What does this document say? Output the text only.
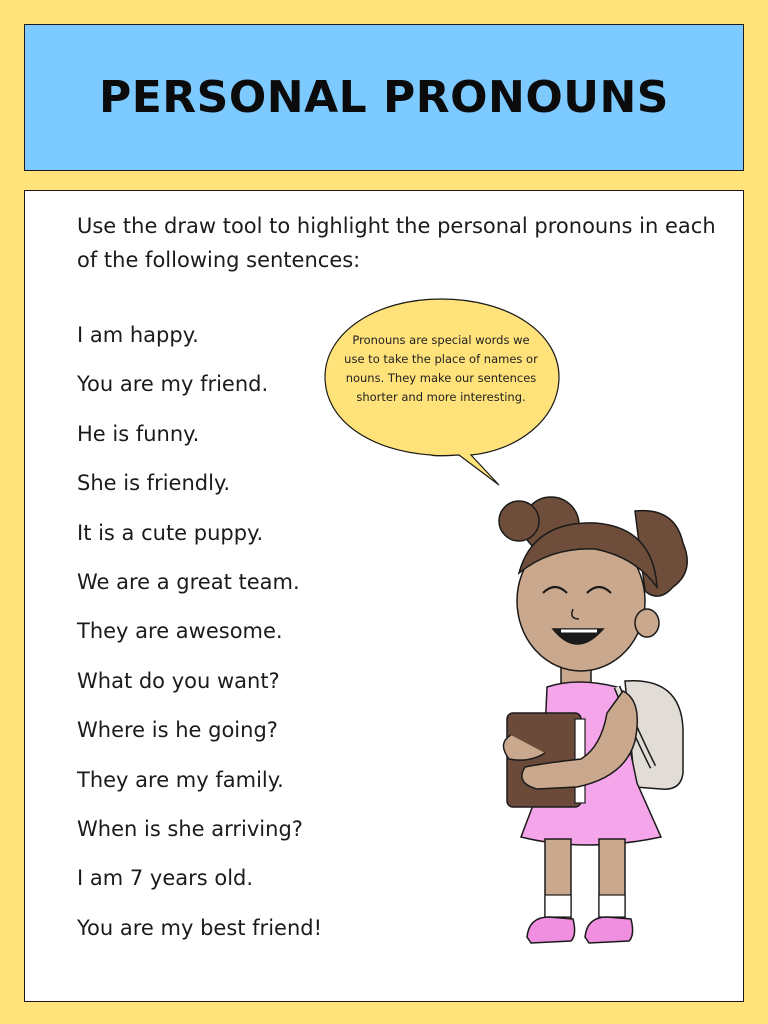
PERSONAL PRONOUNS

Use the draw tool to highlight the personal pronouns in each of the following sentences:

I am happy.
You are my friend.
He is funny.
She is friendly.
It is a cute puppy.
We are a great team.
They are awesome.
What do you want?
Where is he going?
They are my family.
When is she arriving?
I am 7 years old.
You are my best friend!

Pronouns are special words we use to take the place of names or nouns. They make our sentences shorter and more interesting.
